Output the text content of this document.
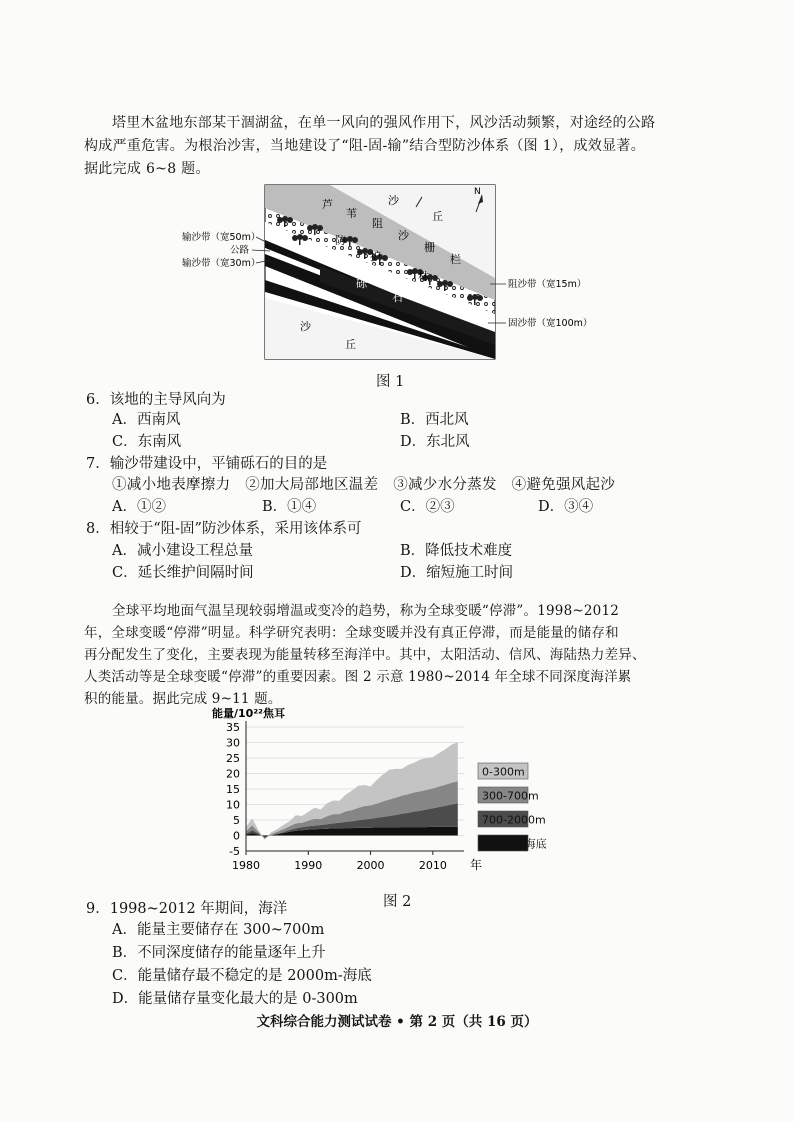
塔里木盆地东部某干涸湖盆，在单一风向的强风作用下，风沙活动频繁，对途经的公路
构成严重危害。为根治沙害，当地建设了“阻-固-输”结合型防沙体系（图 1），成效显著。
据此完成 6~8 题。
沙
丘
芦
苇
阻
沙
栅
栏
防
护
林
砾
石
沙
丘
N
输沙带（宽50m）
公路
输沙带（宽30m）
阻沙带（宽15m）
固沙带（宽100m）
图 1
6．该地的主导风向为
A．西南风	B．西北风
C．东南风	D．东北风
7．输沙带建设中，平铺砾石的目的是
①减小地表摩擦力　②加大局部地区温差　③减少水分蒸发　④避免强风起沙
A．①②	B．①④	C．②③	D．③④
8．相较于“阻-固”防沙体系，采用该体系可
A．减小建设工程总量	B．降低技术难度
C．延长维护间隔时间	D．缩短施工时间
全球平均地面气温呈现较弱增温或变冷的趋势，称为全球变暖“停滞”。1998~2012
年，全球变暖“停滞”明显。科学研究表明：全球变暖并没有真正停滞，而是能量的储存和
再分配发生了变化，主要表现为能量转移至海洋中。其中，太阳活动、信风、海陆热力差异、
人类活动等是全球变暖“停滞”的重要因素。图 2 示意 1980~2014 年全球不同深度海洋累
积的能量。据此完成 9~11 题。
能量/10²²焦耳
-5
0
5
10
15
20
25
30
35
1980	1990	2000	2010 年
0-300m
300-700m
700-2000m
2000m-海底
图 2
9．1998~2012 年期间，海洋
A．能量主要储存在 300~700m
B．不同深度储存的能量逐年上升
C．能量储存最不稳定的是 2000m-海底
D．能量储存量变化最大的是 0-300m
文科综合能力测试试卷 • 第 2 页（共 16 页）
